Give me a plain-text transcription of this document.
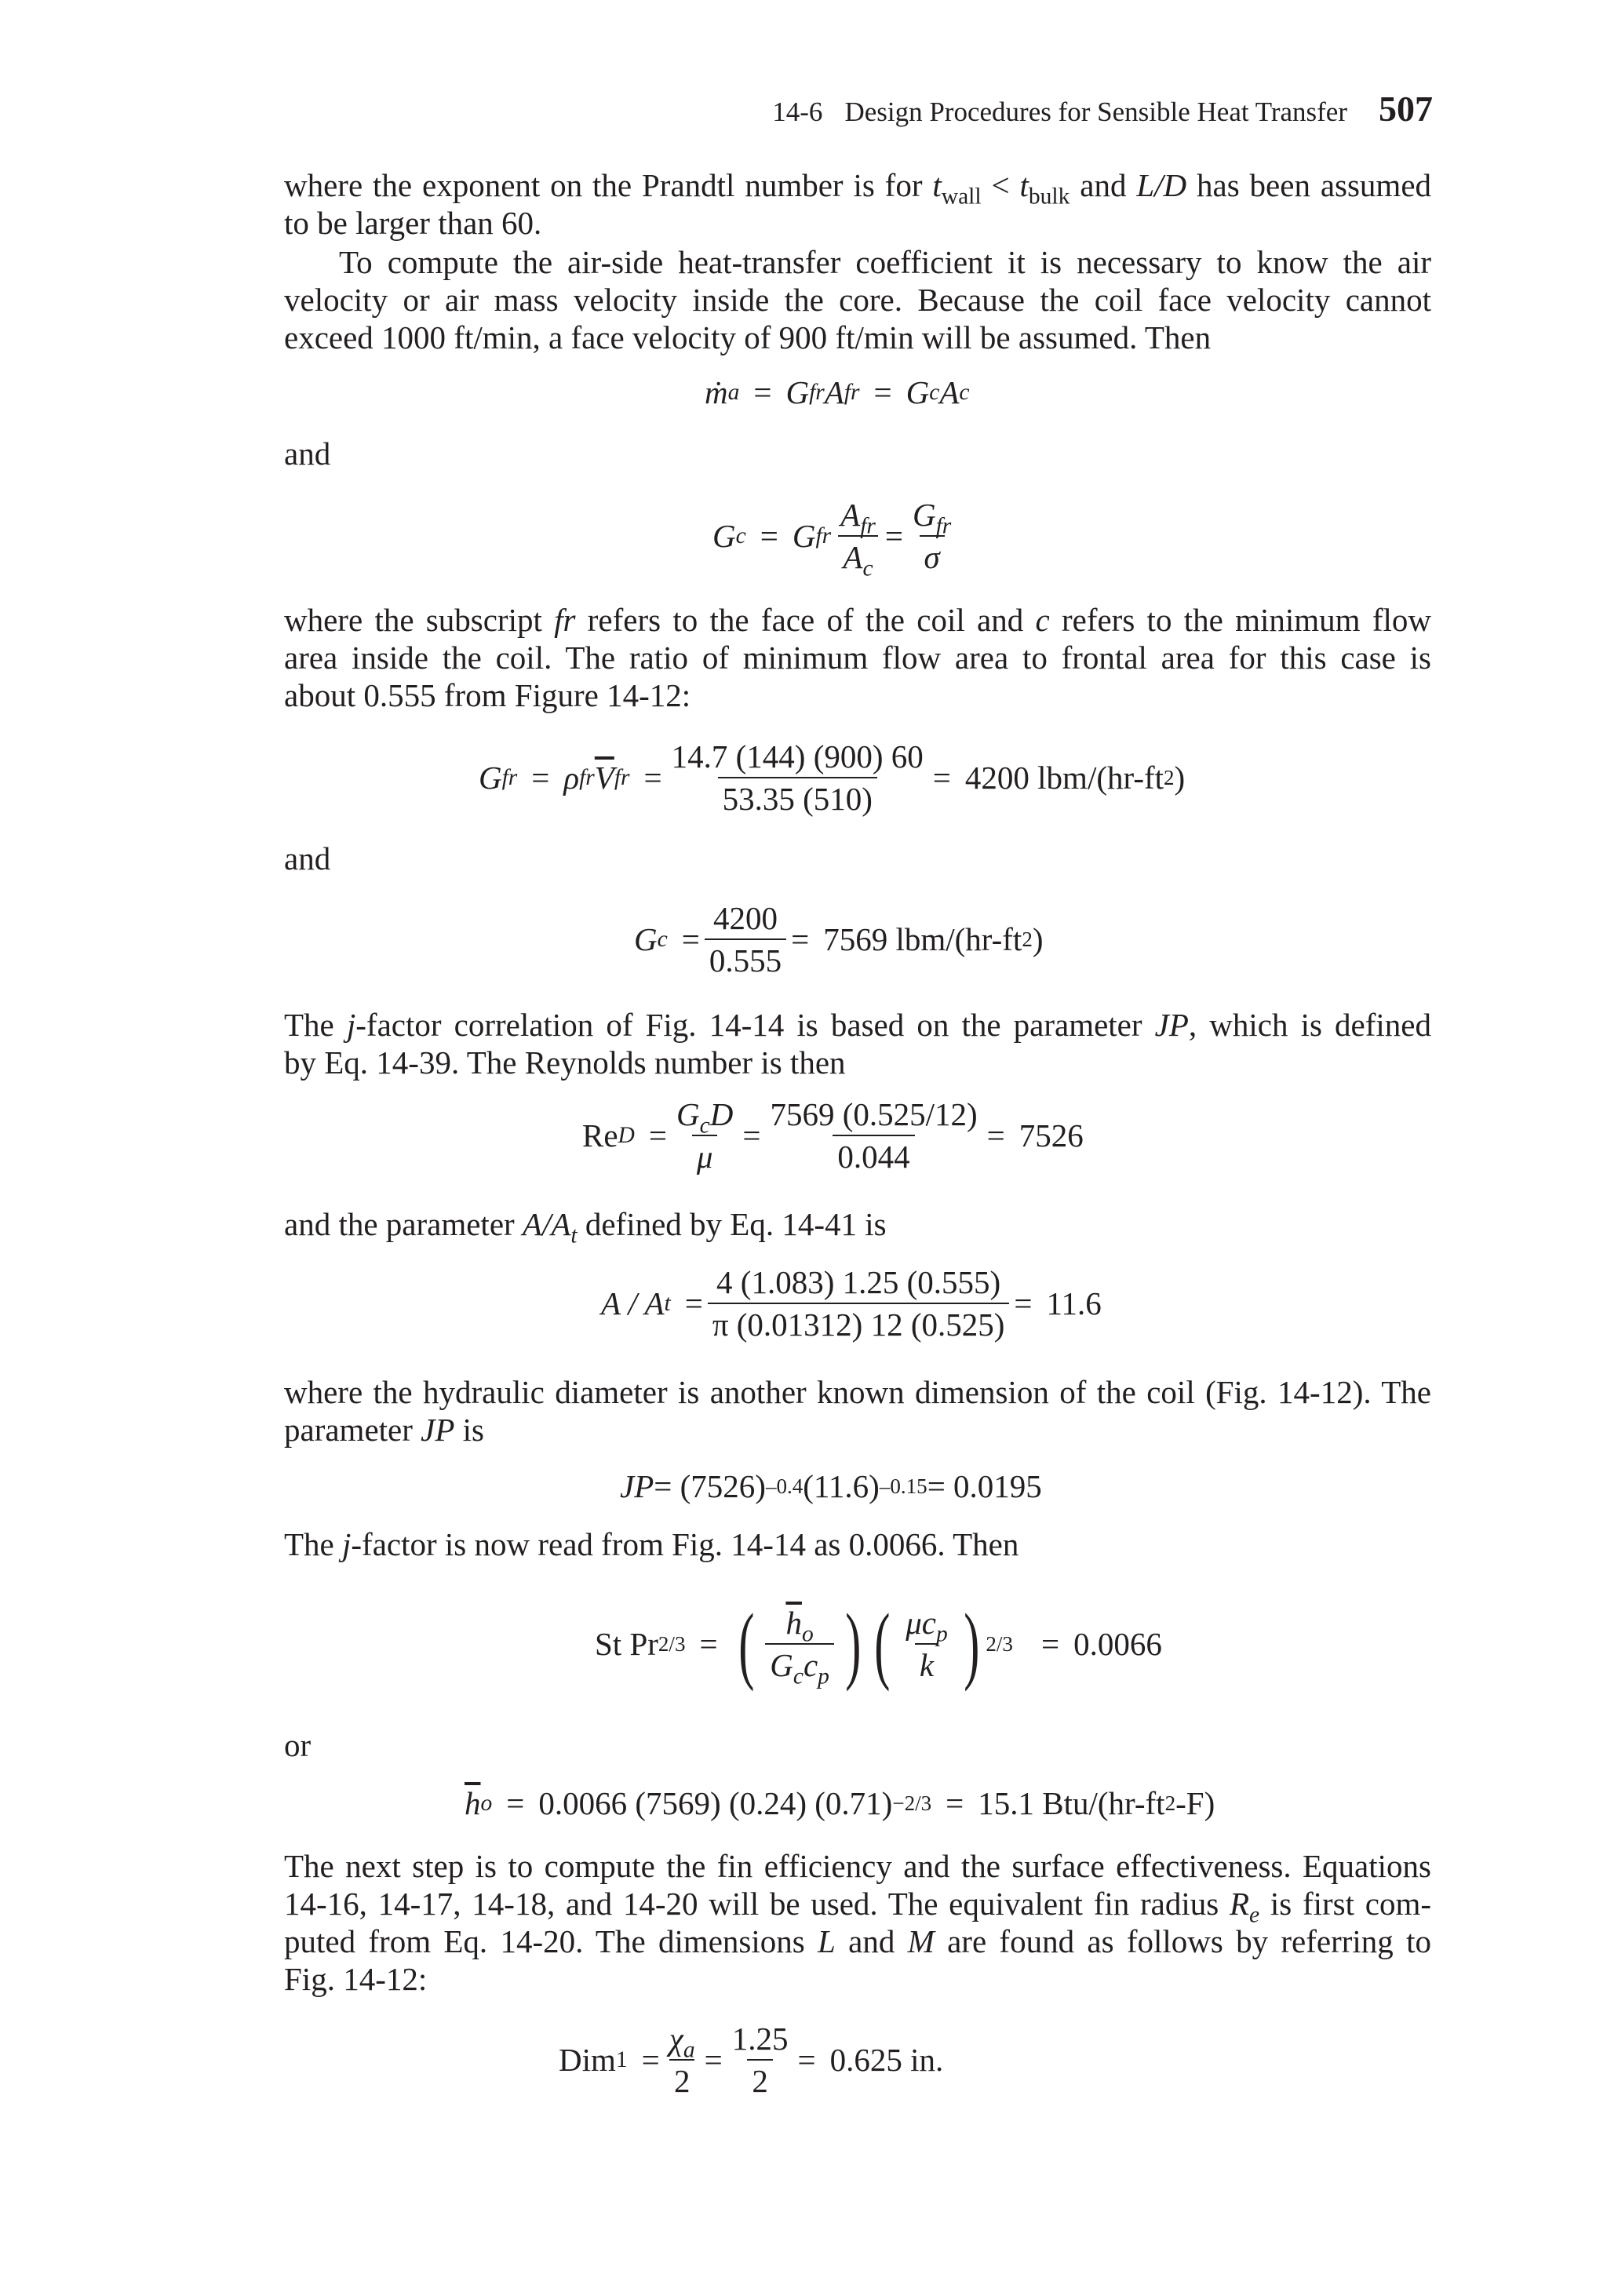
14-6 Design Procedures for Sensible Heat Transfer 507
where the exponent on the Prandtl number is for $t_{wall} < t_{bulk}$ and L/D has been assumed
to be larger than 60.
To compute the air-side heat-transfer coefficient it is necessary to know the air
velocity or air mass velocity inside the core. Because the coil face velocity cannot
exceed 1000 ft/min, a face velocity of 900 ft/min will be assumed. Then
ṁ a = G fr A fr = G c A c
and
G c = G fr $\frac{A_{fr}}{A_c} = \frac{G_{fr}}{\sigma}$
where the subscript fr refers to the face of the coil and c refers to the minimum flow
area inside the coil. The ratio of minimum flow area to frontal area for this case is
about 0.555 from Figure 14-12:
G fr = ρ fr $\overline{V}$ fr = $\frac{14.7 (144) (900) 60}{53.35 (510)} = 4200$ lbm/(hr-ft 2 )
and
G $c = \frac{4200}{0.555} = 7569$ lbm/(hr-ft 2 )
The j-factor correlation of Fig. 14-14 is based on the parameter JP, which is defined
by Eq. 14-39. The Reynolds number is then
Re $D = \frac{G_cD}{\mu} = \frac{7569 (0.525/12)}{0.044} = 7526$
and the parameter $A/A_t$ defined by Eq. 14-41 is
A / A $t = \frac{4 (1.083) 1.25 (0.555)}{\pi (0.01312) 12 (0.525)} = 11.6$
where the hydraulic diameter is another known dimension of the coil (Fig. 14-12). The
parameter JP is
JP = (7526) –0.4 (11.6) –0.15 = 0.0195
The j-factor is now read from Fig. 14-14 as 0.0066. Then
St Pr 2/3 = ( $\frac{\overline{h}_o}{G_cc_p}$ ) ( $\frac{\mu c_p}{k}$ ) 2/3 = 0.0066
or
$\overline{h}$ o = 0.0066 (7569) (0.24) (0.71) −2/3 = 15.1 Btu/(hr-ft 2 -F)
The next step is to compute the fin efficiency and the surface effectiveness. Equations
14-16, 14-17, 14-18, and 14-20 will be used. The equivalent fin radius $R_e$ is first com-
puted from Eq. 14-20. The dimensions L and M are found as follows by referring to
Fig. 14-12:
Dim $1 = \frac{\chi_a}{2} = \frac{1.25}{2} = 0.625$ in.
